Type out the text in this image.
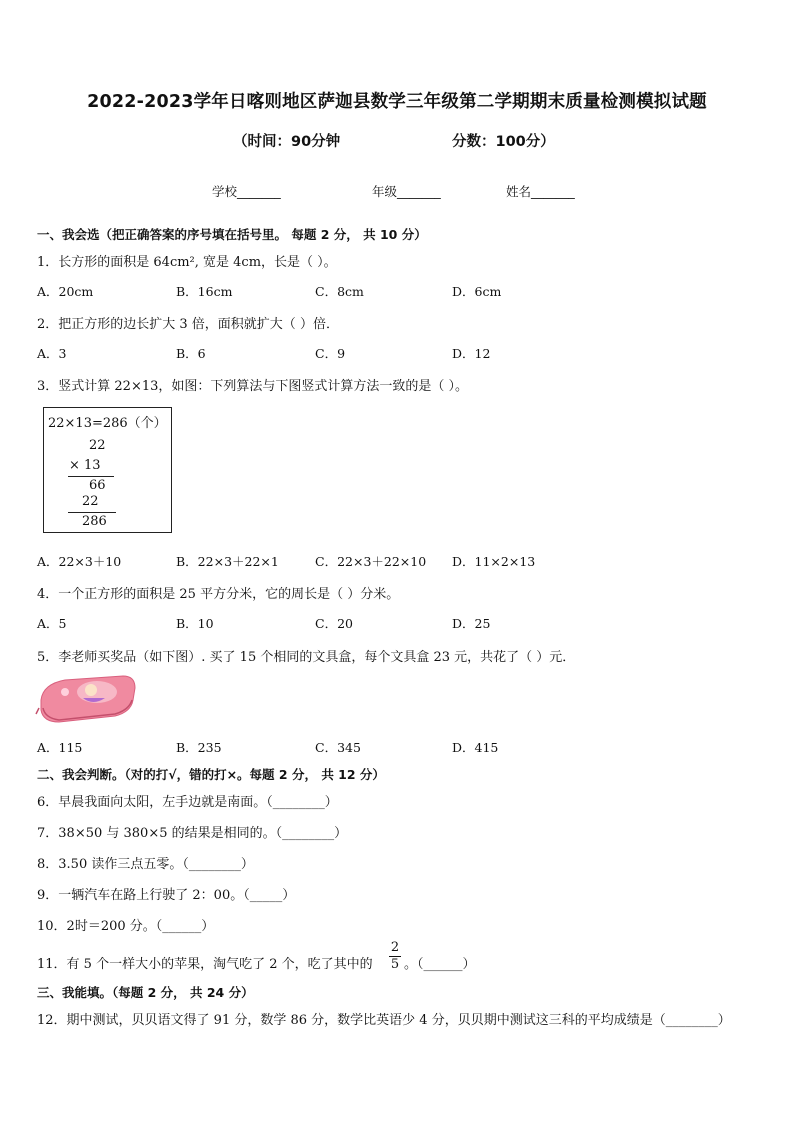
2022-2023学年日喀则地区萨迦县数学三年级第二学期期末质量检测模拟试题
（时间：90分钟	分数：100分）
学校_______	年级_______	姓名_______
一、我会选（把正确答案的序号填在括号里。 每题 2 分， 共 10 分）
1．长方形的面积是 64cm², 宽是 4cm，长是（ ）。
A．20cm	B．16cm	C．8cm	D．6cm
2．把正方形的边长扩大 3 倍，面积就扩大（ ）倍．
A．3	B．6	C．9	D．12
3．竖式计算 22×13，如图：下列算法与下图竖式计算方法一致的是（ ）。
22×13=286（个）
22
× 13
66
22
286
A．22×3＋10	B．22×3＋22×1	C．22×3＋22×10 D．11×2×13
4．一个正方形的面积是 25 平方分米，它的周长是（ ）分米。
A．5	B．10	C．20	D．25
5．李老师买奖品（如下图）. 买了 15 个相同的文具盒，每个文具盒 23 元，共花了（ ）元．
A．115	B．235	C．345	D．415
二、我会判断。（对的打√，错的打×。每题 2 分， 共 12 分）
6．早晨我面向太阳，左手边就是南面。（________）
7．38×50 与 380×5 的结果是相同的。（________）
8．3.50 读作三点五零。（________）
9．一辆汽车在路上行驶了 2：00。（_____）
10．2时＝200 分。（______）
11．有 5 个一样大小的苹果，淘气吃了 2 个，吃了其中的
2
5 。（______）
三、我能填。（每题 2 分， 共 24 分）
12．期中测试，贝贝语文得了 91 分，数学 86 分，数学比英语少 4 分，贝贝期中测试这三科的平均成绩是（________）
